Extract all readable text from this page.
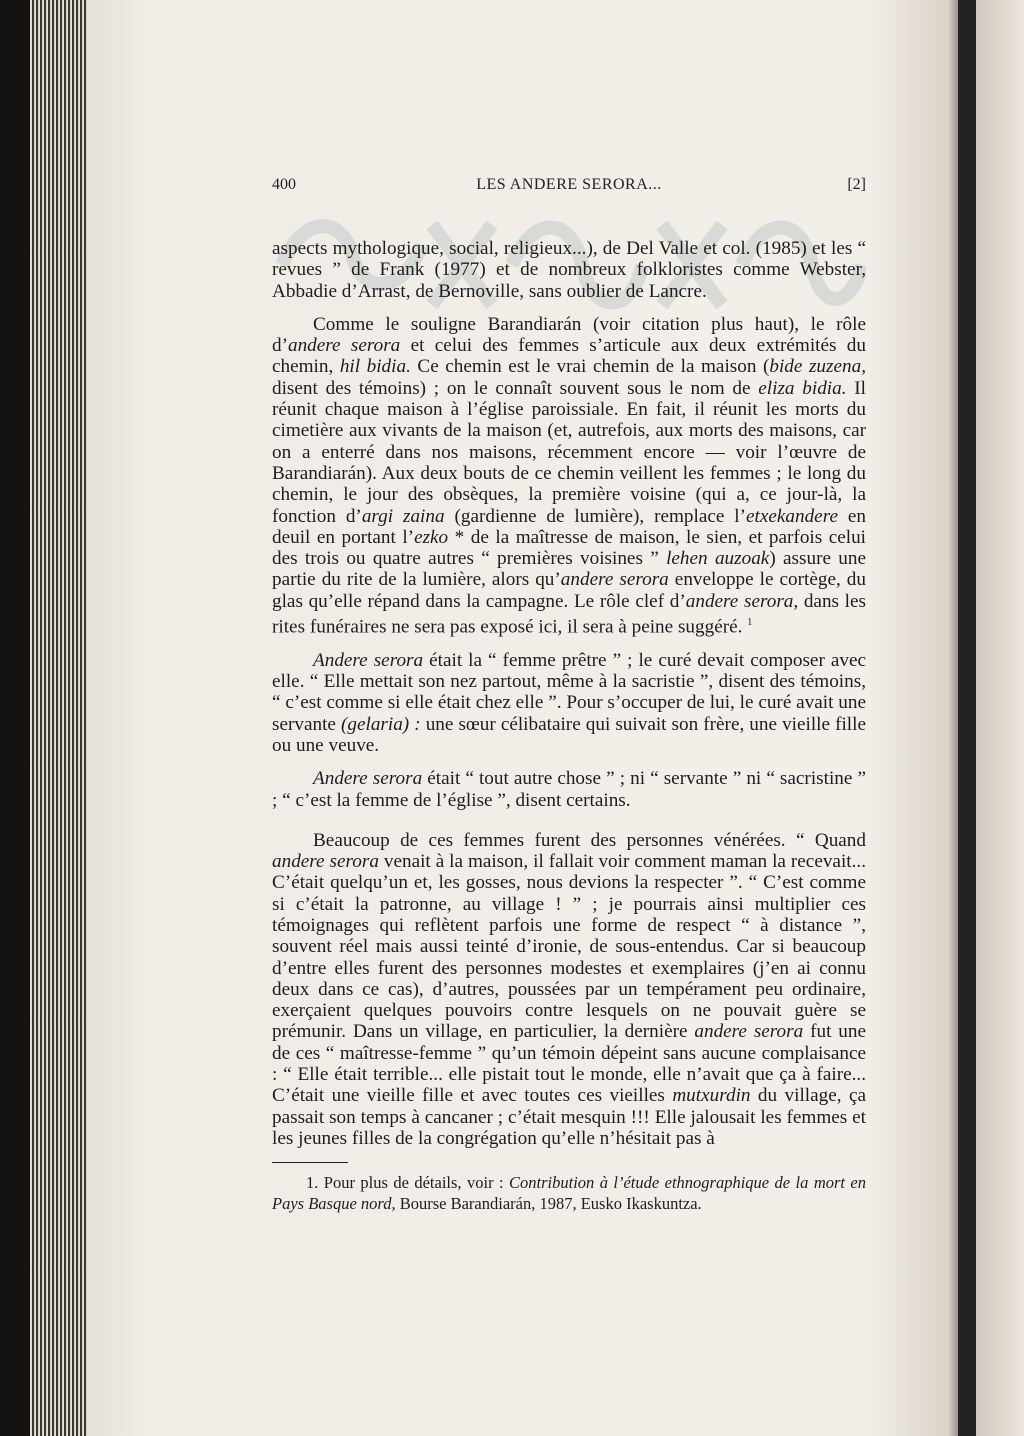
400	LES ANDERE SERORA...	[2]

aspects mythologique, social, religieux...), de Del Valle et col. (1985) et les “ revues ” de Frank (1977) et de nombreux folkloristes comme Webster, Abbadie d’Arrast, de Bernoville, sans oublier de Lancre.

Comme le souligne Barandiarán (voir citation plus haut), le rôle d’andere serora et celui des femmes s’articule aux deux extrémités du chemin, hil bidia. Ce chemin est le vrai chemin de la maison (bide zuzena, disent des témoins) ; on le connaît souvent sous le nom de eliza bidia. Il réunit chaque maison à l’église paroissiale. En fait, il réunit les morts du cimetière aux vivants de la maison (et, autrefois, aux morts des maisons, car on a enterré dans nos maisons, récemment encore — voir l’œuvre de Barandiarán). Aux deux bouts de ce chemin veillent les femmes ; le long du chemin, le jour des obsèques, la première voisine (qui a, ce jour-là, la fonction d’argi zaina (gardienne de lumière), remplace l’etxekandere en deuil en portant l’ezko * de la maîtresse de maison, le sien, et parfois celui des trois ou quatre autres “ premières voisines ” lehen auzoak) assure une partie du rite de la lumière, alors qu’andere serora enveloppe le cortège, du glas qu’elle répand dans la campagne. Le rôle clef d’andere serora, dans les rites funéraires ne sera pas exposé ici, il sera à peine suggéré. $^1$

Andere serora était la “ femme prêtre ” ; le curé devait composer avec elle. “ Elle mettait son nez partout, même à la sacristie ”, disent des témoins, “ c’est comme si elle était chez elle ”. Pour s’occuper de lui, le curé avait une servante (gelaria) : une sœur célibataire qui suivait son frère, une vieille fille ou une veuve.

Andere serora était “ tout autre chose ” ; ni “ servante ” ni “ sacristine ” ; “ c’est la femme de l’église ”, disent certains.

Beaucoup de ces femmes furent des personnes vénérées. “ Quand andere serora venait à la maison, il fallait voir comment maman la recevait... C’était quelqu’un et, les gosses, nous devions la respecter ”. “ C’est comme si c’était la patronne, au village ! ” ; je pourrais ainsi multiplier ces témoignages qui reflètent parfois une forme de respect “ à distance ”, souvent réel mais aussi teinté d’ironie, de sous-entendus. Car si beaucoup d’entre elles furent des personnes modestes et exemplaires (j’en ai connu deux dans ce cas), d’autres, poussées par un tempérament peu ordinaire, exerçaient quelques pouvoirs contre lesquels on ne pouvait guère se prémunir. Dans un village, en particulier, la dernière andere serora fut une de ces “ maîtresse-femme ” qu’un témoin dépeint sans aucune complaisance : “ Elle était terrible... elle pistait tout le monde, elle n’avait que ça à faire... C’était une vieille fille et avec toutes ces vieilles mutxurdin du village, ça passait son temps à cancaner ; c’était mesquin !!! Elle jalousait les femmes et les jeunes filles de la congrégation qu’elle n’hésitait pas à

1. Pour plus de détails, voir : Contribution à l’étude ethnographique de la mort en Pays Basque nord, Bourse Barandiarán, 1987, Eusko Ikaskuntza.
